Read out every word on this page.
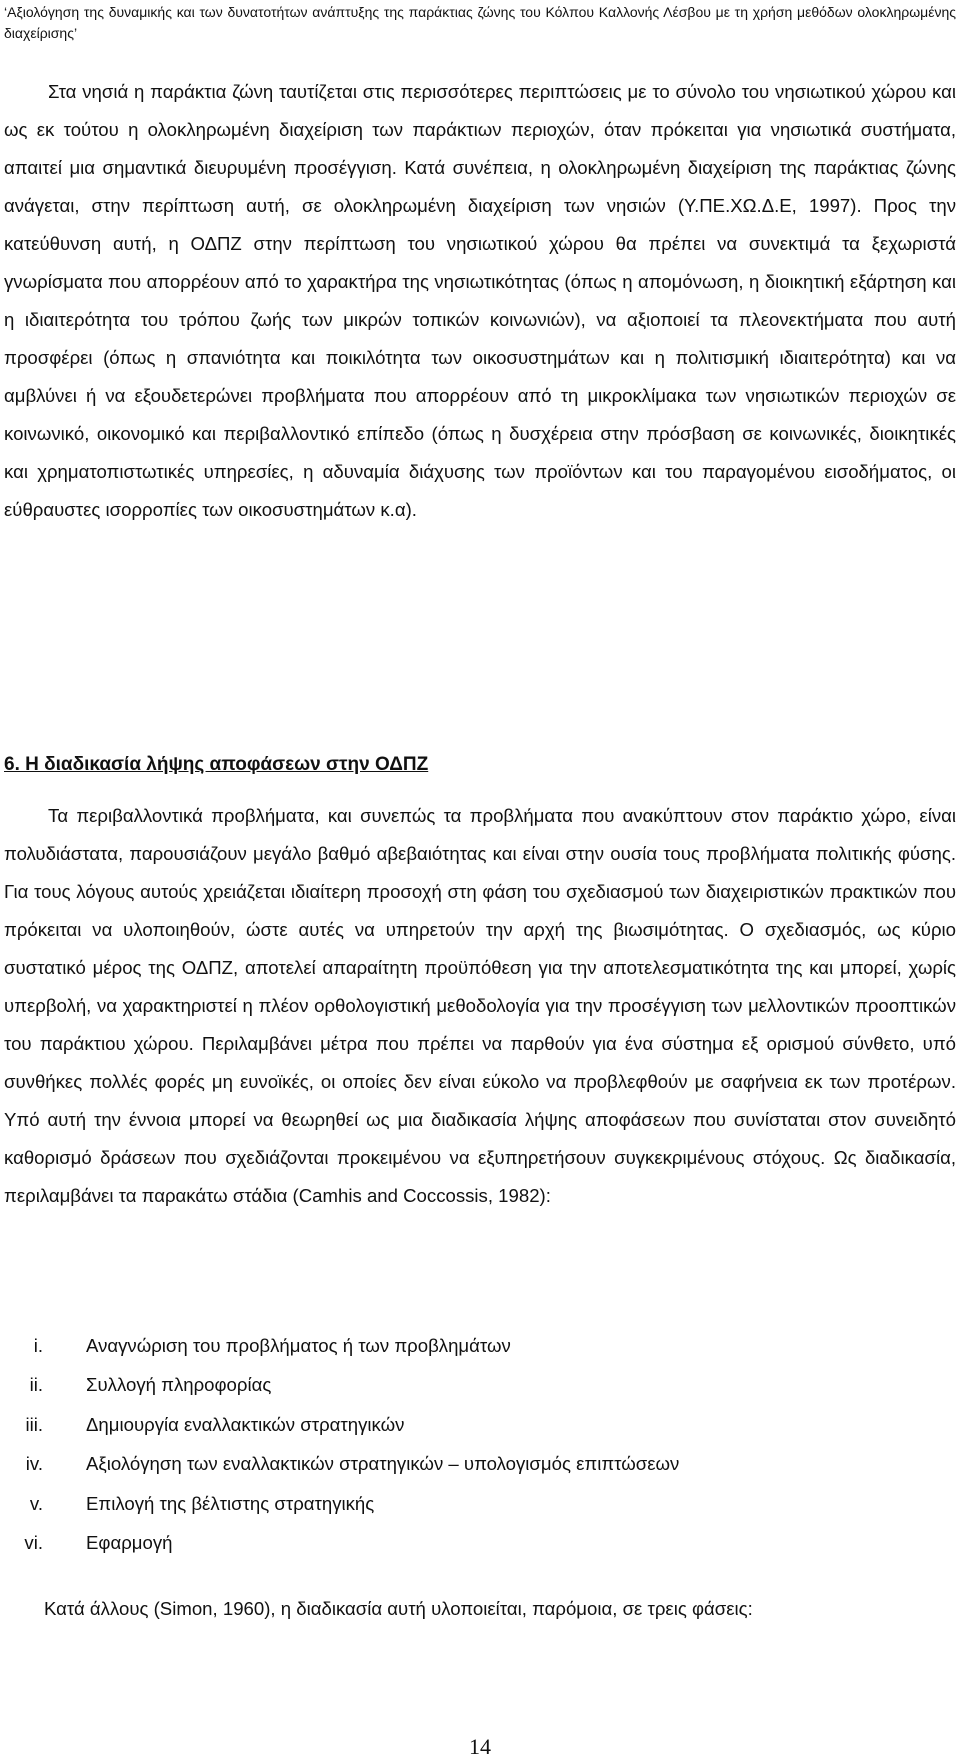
‘Αξιολόγηση της δυναμικής και των δυνατοτήτων ανάπτυξης της παράκτιας ζώνης του Κόλπου Καλλονής Λέσβου με τη χρήση μεθόδων ολοκληρωμένης διαχείρισης’
Στα νησιά η παράκτια ζώνη ταυτίζεται στις περισσότερες περιπτώσεις με το σύνολο του νησιωτικού χώρου και ως εκ τούτου η ολοκληρωμένη διαχείριση των παράκτιων περιοχών, όταν πρόκειται για νησιωτικά συστήματα, απαιτεί μια σημαντικά διευρυμένη προσέγγιση. Κατά συνέπεια, η ολοκληρωμένη διαχείριση της παράκτιας ζώνης ανάγεται, στην περίπτωση αυτή, σε ολοκληρωμένη διαχείριση των νησιών (Υ.ΠΕ.ΧΩ.Δ.Ε, 1997). Προς την κατεύθυνση αυτή, η ΟΔΠΖ στην περίπτωση του νησιωτικού χώρου θα πρέπει να συνεκτιμά τα ξεχωριστά γνωρίσματα που απορρέουν από το χαρακτήρα της νησιωτικότητας (όπως η απομόνωση, η διοικητική εξάρτηση και η ιδιαιτερότητα του τρόπου ζωής των μικρών τοπικών κοινωνιών), να αξιοποιεί τα πλεονεκτήματα που αυτή προσφέρει (όπως η σπανιότητα και ποικιλότητα των οικοσυστημάτων και η πολιτισμική ιδιαιτερότητα) και να αμβλύνει ή να εξουδετερώνει προβλήματα που απορρέουν από τη μικροκλίμακα των νησιωτικών περιοχών σε κοινωνικό, οικονομικό και περιβαλλοντικό επίπεδο (όπως η δυσχέρεια στην πρόσβαση σε κοινωνικές, διοικητικές και χρηματοπιστωτικές υπηρεσίες, η αδυναμία διάχυσης των προϊόντων και του παραγομένου εισοδήματος, οι εύθραυστες ισορροπίες των οικοσυστημάτων κ.α).
6. Η διαδικασία λήψης αποφάσεων στην ΟΔΠΖ
Τα περιβαλλοντικά προβλήματα, και συνεπώς τα προβλήματα που ανακύπτουν στον παράκτιο χώρο, είναι πολυδιάστατα, παρουσιάζουν μεγάλο βαθμό αβεβαιότητας και είναι στην ουσία τους προβλήματα πολιτικής φύσης. Για τους λόγους αυτούς χρειάζεται ιδιαίτερη προσοχή στη φάση του σχεδιασμού των διαχειριστικών πρακτικών που πρόκειται να υλοποιηθούν, ώστε αυτές να υπηρετούν την αρχή της βιωσιμότητας. Ο σχεδιασμός, ως κύριο συστατικό μέρος της ΟΔΠΖ, αποτελεί απαραίτητη προϋπόθεση για την αποτελεσματικότητα της και μπορεί, χωρίς υπερβολή, να χαρακτηριστεί η πλέον ορθολογιστική μεθοδολογία για την προσέγγιση των μελλοντικών προοπτικών του παράκτιου χώρου. Περιλαμβάνει μέτρα που πρέπει να παρθούν για ένα σύστημα εξ ορισμού σύνθετο, υπό συνθήκες πολλές φορές μη ευνοϊκές, οι οποίες δεν είναι εύκολο να προβλεφθούν με σαφήνεια εκ των προτέρων. Υπό αυτή την έννοια μπορεί να θεωρηθεί ως μια διαδικασία λήψης αποφάσεων που συνίσταται στον συνειδητό καθορισμό δράσεων που σχεδιάζονται προκειμένου να εξυπηρετήσουν συγκεκριμένους στόχους. Ως διαδικασία, περιλαμβάνει τα παρακάτω στάδια (Camhis and Coccossis, 1982):
i. Αναγνώριση του προβλήματος ή των προβλημάτων
ii. Συλλογή πληροφορίας
iii. Δημιουργία εναλλακτικών στρατηγικών
iv. Αξιολόγηση των εναλλακτικών στρατηγικών – υπολογισμός επιπτώσεων
v. Επιλογή της βέλτιστης στρατηγικής
vi. Εφαρμογή
Κατά άλλους (Simon, 1960), η διαδικασία αυτή υλοποιείται, παρόμοια, σε τρεις φάσεις:
14
